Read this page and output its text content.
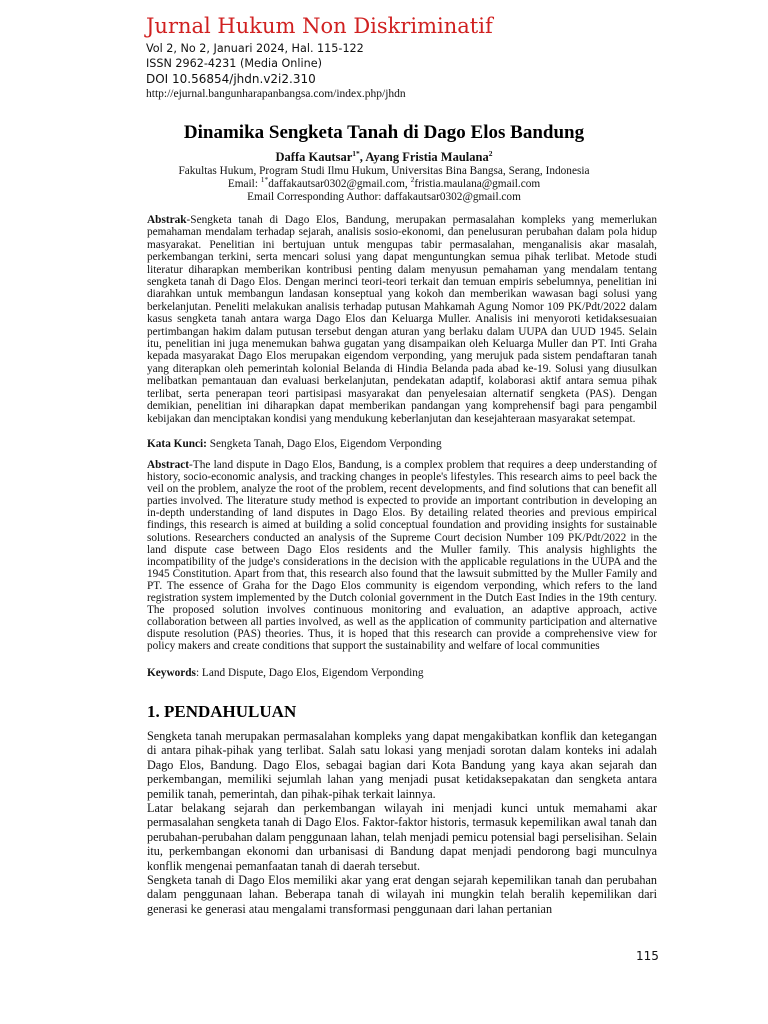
Jurnal Hukum Non Diskriminatif
Vol 2, No 2, Januari 2024, Hal. 115-122
ISSN 2962-4231 (Media Online)
DOI 10.56854/jhdn.v2i2.310
http://ejurnal.bangunharapanbangsa.com/index.php/jhdn
Dinamika Sengketa Tanah di Dago Elos Bandung
Daffa Kautsar$^{1*}$, Ayang Fristia Maulana$^2$
Fakultas Hukum, Program Studi Ilmu Hukum, Universitas Bina Bangsa, Serang, Indonesia
Email: $^{1*}$daffakautsar0302@gmail.com, $^2$fristia.maulana@gmail.com
Email Corresponding Author: daffakautsar0302@gmail.com
Abstrak-Sengketa tanah di Dago Elos, Bandung, merupakan permasalahan kompleks yang memerlukan pemahaman mendalam terhadap sejarah, analisis sosio-ekonomi, dan penelusuran perubahan dalam pola hidup masyarakat. Penelitian ini bertujuan untuk mengupas tabir permasalahan, menganalisis akar masalah, perkembangan terkini, serta mencari solusi yang dapat menguntungkan semua pihak terlibat. Metode studi literatur diharapkan memberikan kontribusi penting dalam menyusun pemahaman yang mendalam tentang sengketa tanah di Dago Elos. Dengan merinci teori-teori terkait dan temuan empiris sebelumnya, penelitian ini diarahkan untuk membangun landasan konseptual yang kokoh dan memberikan wawasan bagi solusi yang berkelanjutan. Peneliti melakukan analisis terhadap putusan Mahkamah Agung Nomor 109 PK/Pdt/2022 dalam kasus sengketa tanah antara warga Dago Elos dan Keluarga Muller. Analisis ini menyoroti ketidaksesuaian pertimbangan hakim dalam putusan tersebut dengan aturan yang berlaku dalam UUPA dan UUD 1945. Selain itu, penelitian ini juga menemukan bahwa gugatan yang disampaikan oleh Keluarga Muller dan PT. Inti Graha kepada masyarakat Dago Elos merupakan eigendom verponding, yang merujuk pada sistem pendaftaran tanah yang diterapkan oleh pemerintah kolonial Belanda di Hindia Belanda pada abad ke-19. Solusi yang diusulkan melibatkan pemantauan dan evaluasi berkelanjutan, pendekatan adaptif, kolaborasi aktif antara semua pihak terlibat, serta penerapan teori partisipasi masyarakat dan penyelesaian alternatif sengketa (PAS). Dengan demikian, penelitian ini diharapkan dapat memberikan pandangan yang komprehensif bagi para pengambil kebijakan dan menciptakan kondisi yang mendukung keberlanjutan dan kesejahteraan masyarakat setempat.
Kata Kunci: Sengketa Tanah, Dago Elos, Eigendom Verponding
Abstract-The land dispute in Dago Elos, Bandung, is a complex problem that requires a deep understanding of history, socio-economic analysis, and tracking changes in people's lifestyles. This research aims to peel back the veil on the problem, analyze the root of the problem, recent developments, and find solutions that can benefit all parties involved. The literature study method is expected to provide an important contribution in developing an in-depth understanding of land disputes in Dago Elos. By detailing related theories and previous empirical findings, this research is aimed at building a solid conceptual foundation and providing insights for sustainable solutions. Researchers conducted an analysis of the Supreme Court decision Number 109 PK/Pdt/2022 in the land dispute case between Dago Elos residents and the Muller family. This analysis highlights the incompatibility of the judge's considerations in the decision with the applicable regulations in the UUPA and the 1945 Constitution. Apart from that, this research also found that the lawsuit submitted by the Muller Family and PT. The essence of Graha for the Dago Elos community is eigendom verponding, which refers to the land registration system implemented by the Dutch colonial government in the Dutch East Indies in the 19th century. The proposed solution involves continuous monitoring and evaluation, an adaptive approach, active collaboration between all parties involved, as well as the application of community participation and alternative dispute resolution (PAS) theories. Thus, it is hoped that this research can provide a comprehensive view for policy makers and create conditions that support the sustainability and welfare of local communities
Keywords: Land Dispute, Dago Elos, Eigendom Verponding
1. PENDAHULUAN

Sengketa tanah merupakan permasalahan kompleks yang dapat mengakibatkan konflik dan ketegangan di antara pihak-pihak yang terlibat. Salah satu lokasi yang menjadi sorotan dalam konteks ini adalah Dago Elos, Bandung. Dago Elos, sebagai bagian dari Kota Bandung yang kaya akan sejarah dan perkembangan, memiliki sejumlah lahan yang menjadi pusat ketidaksepakatan dan sengketa antara pemilik tanah, pemerintah, dan pihak-pihak terkait lainnya.

Latar belakang sejarah dan perkembangan wilayah ini menjadi kunci untuk memahami akar permasalahan sengketa tanah di Dago Elos. Faktor-faktor historis, termasuk kepemilikan awal tanah dan perubahan-perubahan dalam penggunaan lahan, telah menjadi pemicu potensial bagi perselisihan. Selain itu, perkembangan ekonomi dan urbanisasi di Bandung dapat menjadi pendorong bagi munculnya konflik mengenai pemanfaatan tanah di daerah tersebut.

Sengketa tanah di Dago Elos memiliki akar yang erat dengan sejarah kepemilikan tanah dan perubahan dalam penggunaan lahan. Beberapa tanah di wilayah ini mungkin telah beralih kepemilikan dari generasi ke generasi atau mengalami transformasi penggunaan dari lahan pertanian

115
